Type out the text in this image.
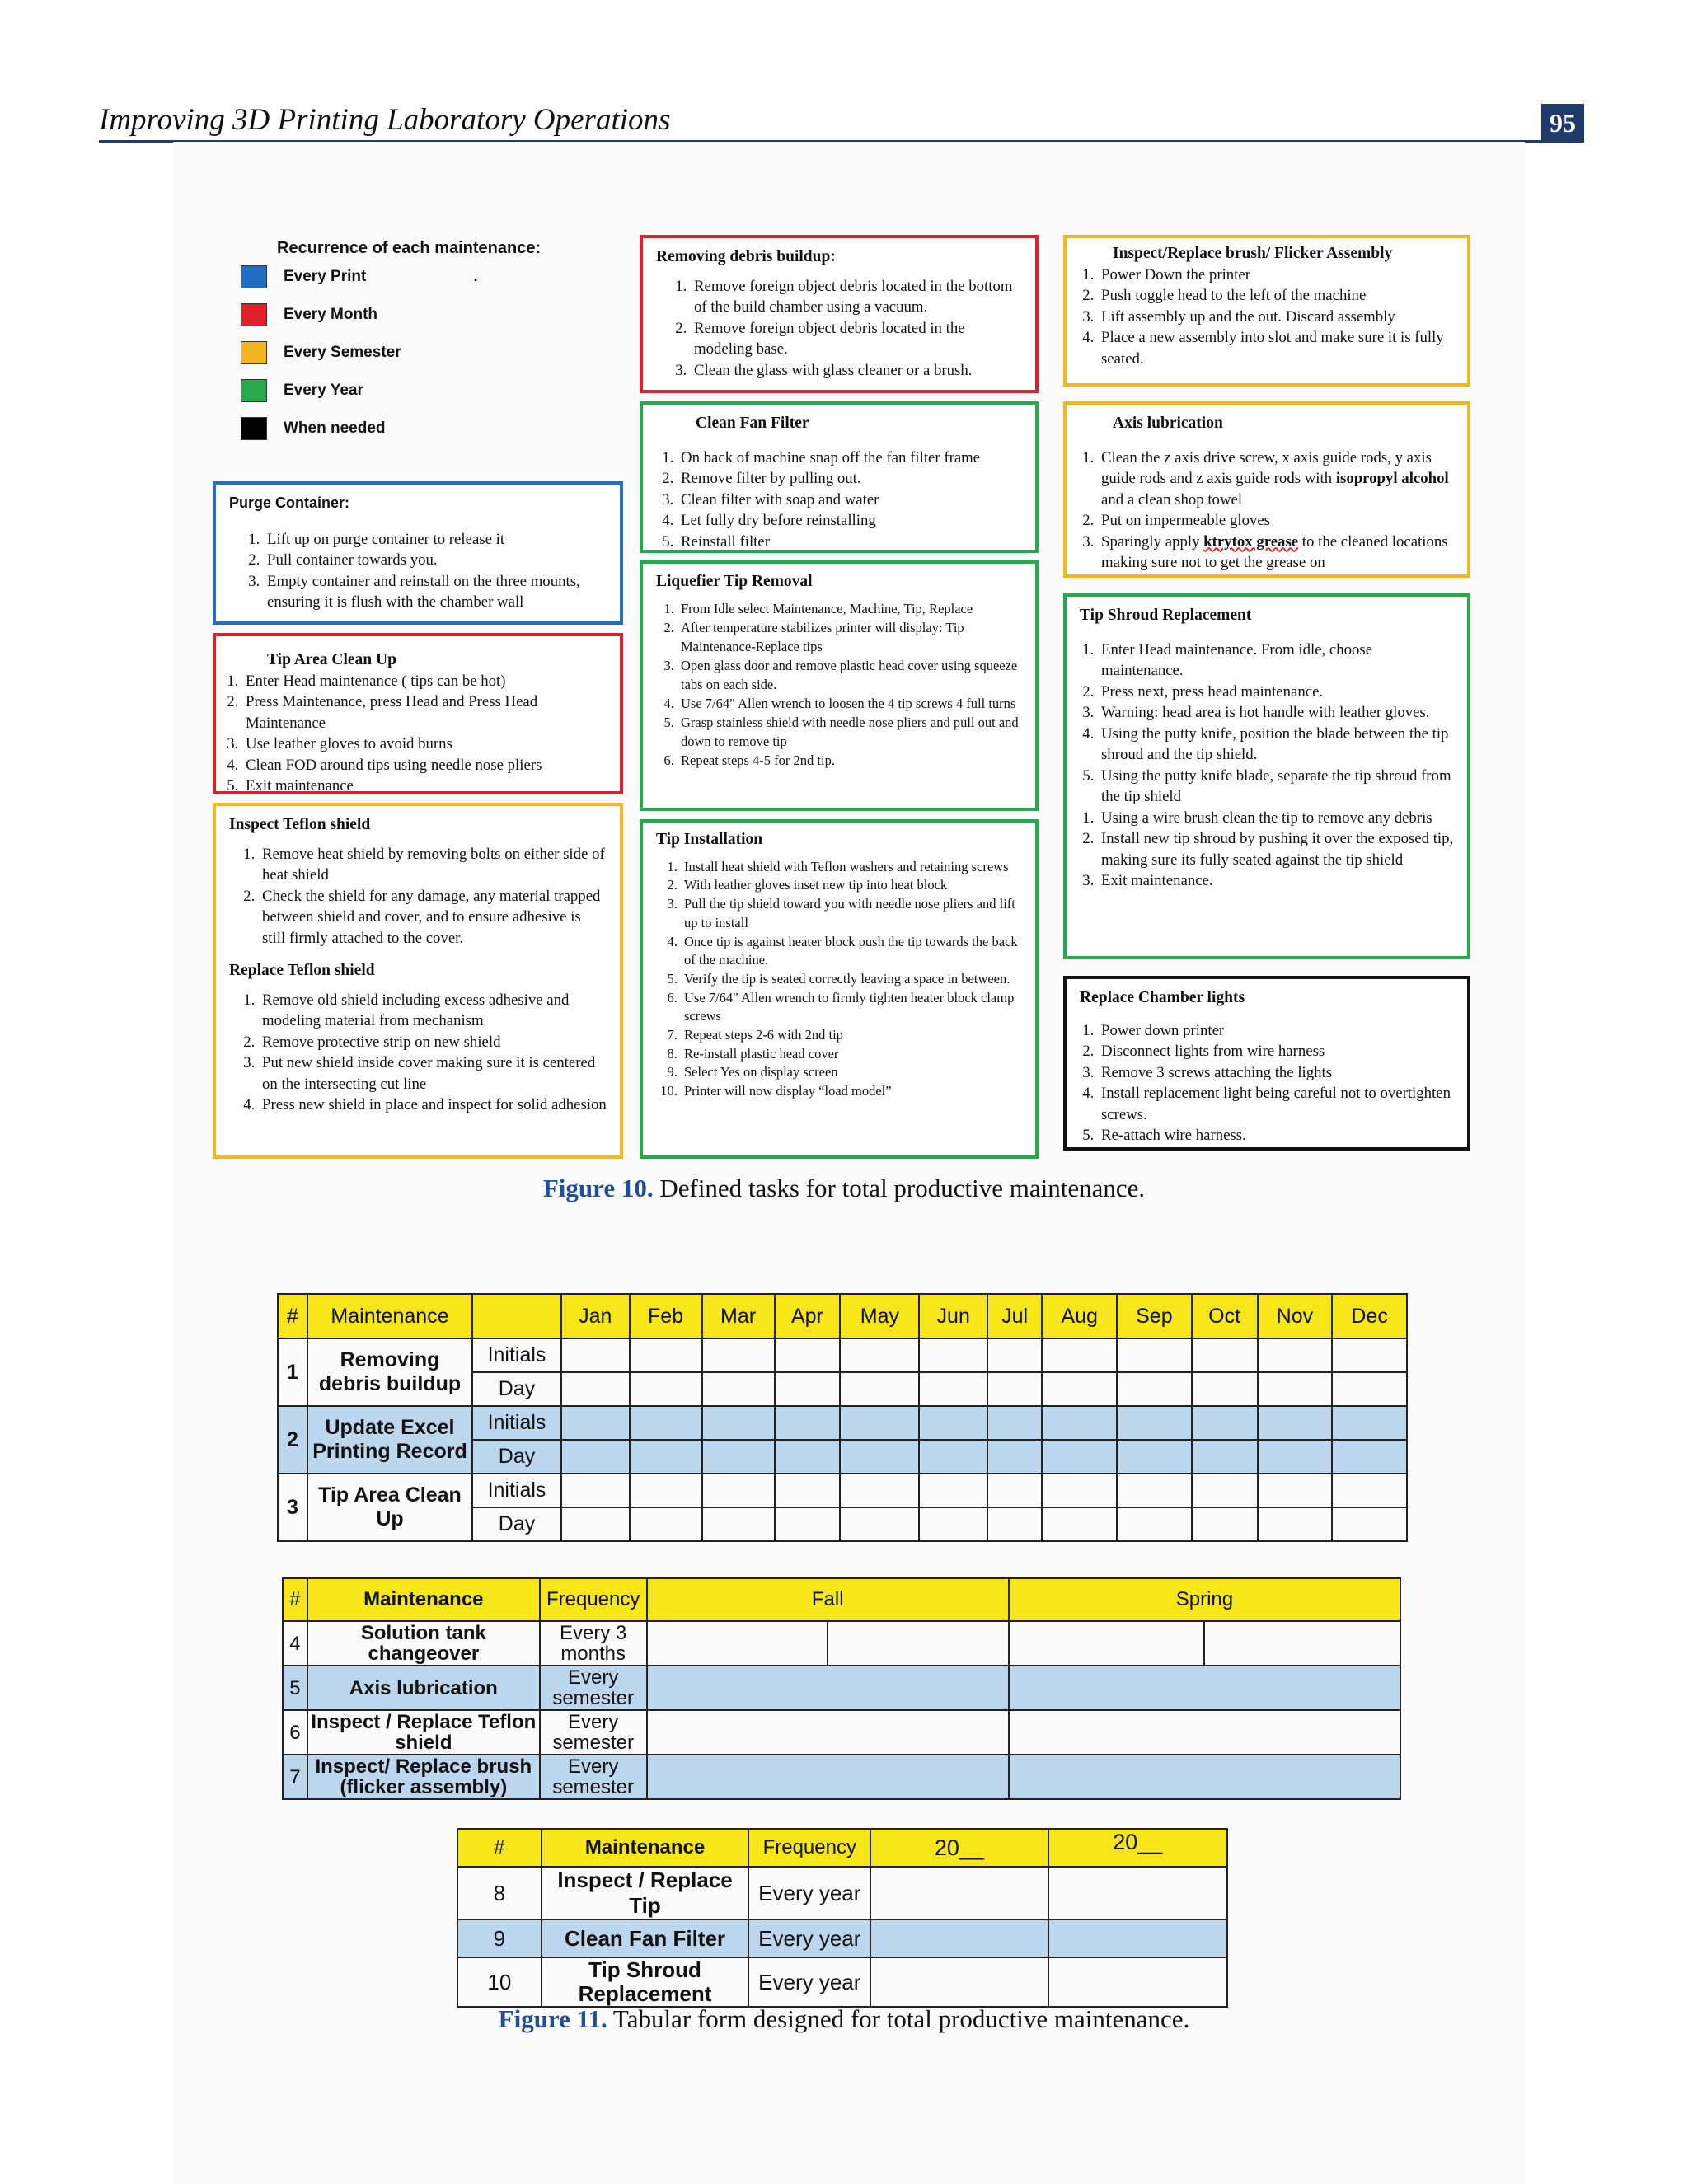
Improving 3D Printing Laboratory Operations	95
Recurrence of each maintenance:
Every Print	.
Every Month
Every Semester
Every Year
When needed
Purge Container:
1. Lift up on purge container to release it
2. Pull container towards you.
3. Empty container and reinstall on the three mounts, ensuring it is flush with the chamber wall
Tip Area Clean Up
1. Enter Head maintenance ( tips can be hot)
2. Press Maintenance, press Head and Press Head Maintenance
3. Use leather gloves to avoid burns
4. Clean FOD around tips using needle nose pliers
5. Exit maintenance
Inspect Teflon shield
1. Remove heat shield by removing bolts on either side of heat shield
2. Check the shield for any damage, any material trapped between shield and cover, and to ensure adhesive is still firmly attached to the cover.
Replace Teflon shield
1. Remove old shield including excess adhesive and modeling material from mechanism
2. Remove protective strip on new shield
3. Put new shield inside cover making sure it is centered on the intersecting cut line
4. Press new shield in place and inspect for solid adhesion
Removing debris buildup:
1. Remove foreign object debris located in the bottom of the build chamber using a vacuum.
2. Remove foreign object debris located in the modeling base.
3. Clean the glass with glass cleaner or a brush.
Clean Fan Filter
1. On back of machine snap off the fan filter frame
2. Remove filter by pulling out.
3. Clean filter with soap and water
4. Let fully dry before reinstalling
5. Reinstall filter
Liquefier Tip Removal
1. From Idle select Maintenance, Machine, Tip, Replace
2. After temperature stabilizes printer will display: Tip Maintenance-Replace tips
3. Open glass door and remove plastic head cover using squeeze tabs on each side.
4. Use 7/64" Allen wrench to loosen the 4 tip screws 4 full turns
5. Grasp stainless shield with needle nose pliers and pull out and down to remove tip
6. Repeat steps 4-5 for 2nd tip.
Tip Installation
1. Install heat shield with Teflon washers and retaining screws
2. With leather gloves inset new tip into heat block
3. Pull the tip shield toward you with needle nose pliers and lift up to install
4. Once tip is against heater block push the tip towards the back of the machine.
5. Verify the tip is seated correctly leaving a space in between.
6. Use 7/64" Allen wrench to firmly tighten heater block clamp screws
7. Repeat steps 2-6 with 2nd tip
8. Re-install plastic head cover
9. Select Yes on display screen
10. Printer will now display “load model”
Inspect/Replace brush/ Flicker Assembly
1. Power Down the printer
2. Push toggle head to the left of the machine
3. Lift assembly up and the out. Discard assembly
4. Place a new assembly into slot and make sure it is fully seated.
Axis lubrication
1. Clean the z axis drive screw, x axis guide rods, y axis guide rods and z axis guide rods with isopropyl alcohol and a clean shop towel
2. Put on impermeable gloves
3. Sparingly apply ktrytox grease to the cleaned locations making sure not to get the grease on
Tip Shroud Replacement
1. Enter Head maintenance. From idle, choose maintenance.
2. Press next, press head maintenance.
3. Warning: head area is hot handle with leather gloves.
4. Using the putty knife, position the blade between the tip shroud and the tip shield.
5. Using the putty knife blade, separate the tip shroud from the tip shield
1. Using a wire brush clean the tip to remove any debris
2. Install new tip shroud by pushing it over the exposed tip, making sure its fully seated against the tip shield
3. Exit maintenance.
Replace Chamber lights
1. Power down printer
2. Disconnect lights from wire harness
3. Remove 3 screws attaching the lights
4. Install replacement light being careful not to overtighten screws.
5. Re-attach wire harness.
Figure 10. Defined tasks for total productive maintenance.
#	Maintenance		Jan	Feb	Mar	Apr	May	Jun	Jul	Aug	Sep	Oct	Nov	Dec
1	Removing debris buildup	Initials												
		Day												
2	Update Excel Printing Record	Initials												
		Day												
3	Tip Area Clean Up	Initials												
		Day												
#	Maintenance	Frequency	Fall		Spring	
4	Solution tank changeover	Every 3 months				
5	Axis lubrication	Every semester				
6	Inspect / Replace Teflon shield	Every semester				
7	Inspect/ Replace brush (flicker assembly)	Every semester				
#	Maintenance	Frequency	20__	20__
8	Inspect / Replace Tip	Every year		
9	Clean Fan Filter	Every year		
10	Tip Shroud Replacement	Every year		
Figure 11. Tabular form designed for total productive maintenance.
